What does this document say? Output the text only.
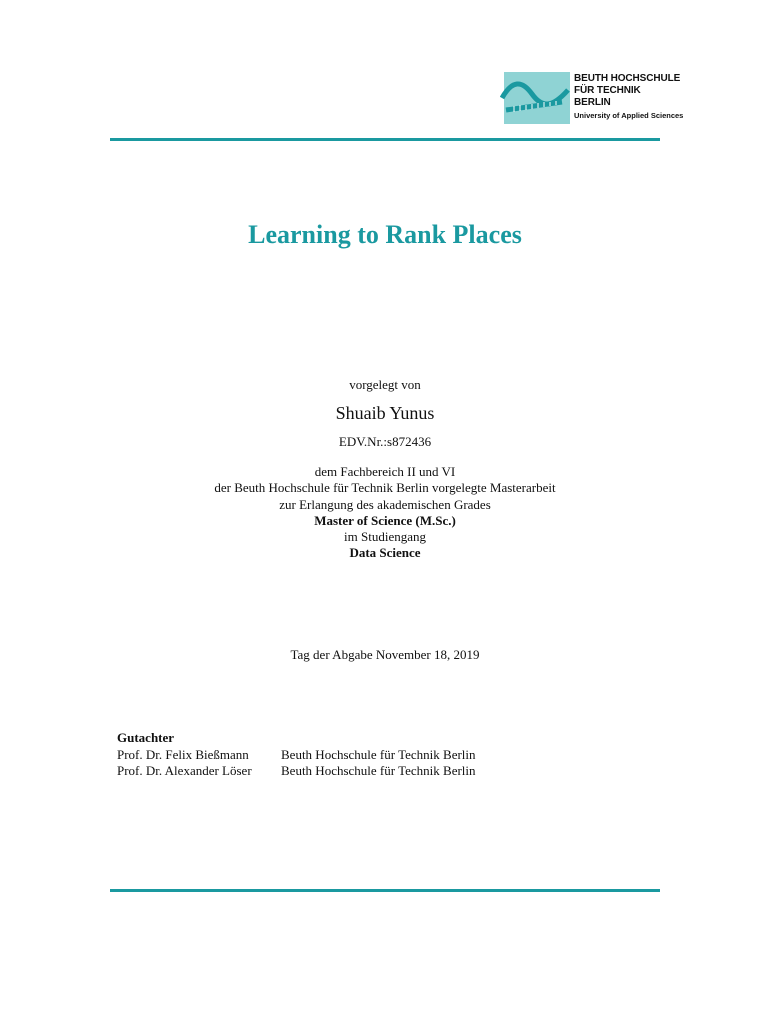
BEUTH HOCHSCHULE
FÜR TECHNIK
BERLIN
University of Applied Sciences
Learning to Rank Places
vorgelegt von
Shuaib Yunus
EDV.Nr.:s872436
dem Fachbereich II und VI
der Beuth Hochschule für Technik Berlin vorgelegte Masterarbeit
zur Erlangung des akademischen Grades
Master of Science (M.Sc.)
im Studiengang
Data Science
Tag der Abgabe November 18, 2019
Gutachter
Prof. Dr. Felix Bießmann	Beuth Hochschule für Technik Berlin
Prof. Dr. Alexander Löser	Beuth Hochschule für Technik Berlin
